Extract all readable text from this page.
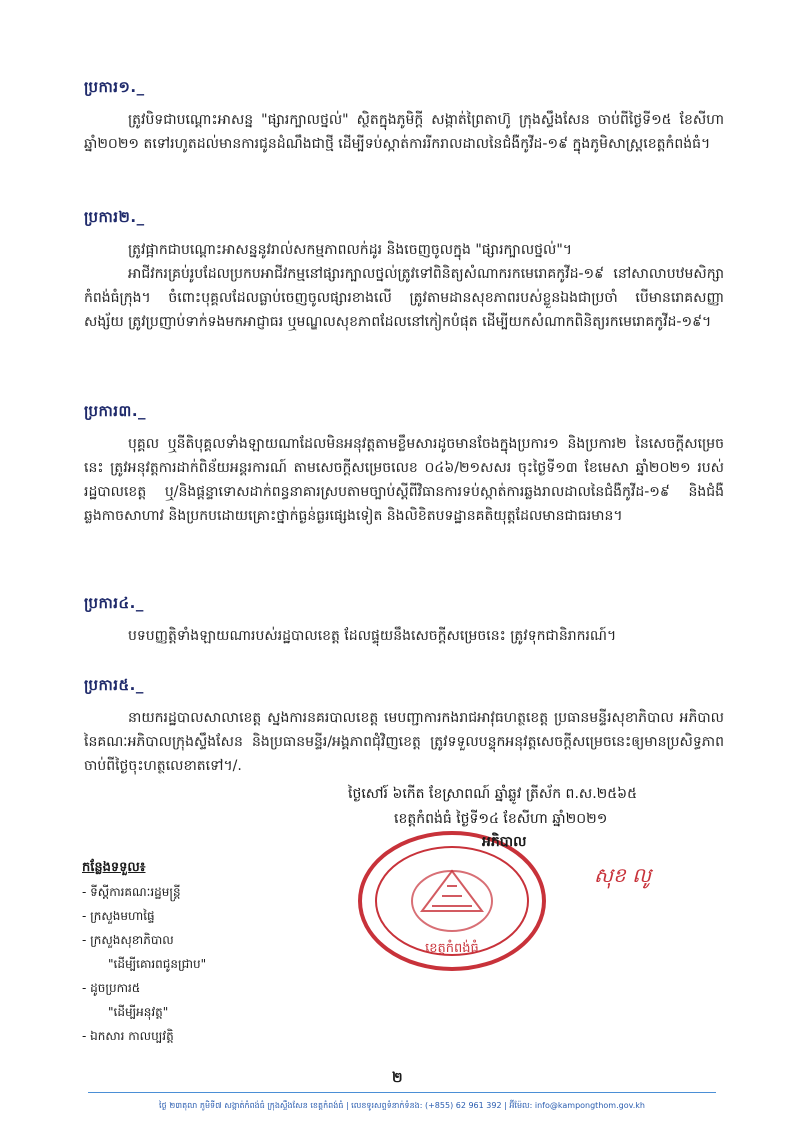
ប្រការ១._

ត្រូវបិទជាបណ្ដោះអាសន្ន "ផ្សារក្បាលថ្នល់" ស្ថិតក្នុងភូមិក្តី សង្កាត់ព្រៃតាហ៊ូ ក្រុងស្ទឹងសែន ចាប់ពីថ្ងៃទី១៥ ខែសីហា ឆ្នាំ២០២១ តទៅរហូតដល់មានការជូនដំណឹងជាថ្មី ដើម្បីទប់ស្កាត់ការរីករាលដាលនៃជំងឺកូវីដ-១៩ ក្នុងភូមិសាស្ត្រខេត្តកំពង់ធំ។

ប្រការ២._

ត្រូវផ្អាកជាបណ្ដោះអាសន្ននូវរាល់សកម្មភាពលក់ដូរ និងចេញចូលក្នុង "ផ្សារក្បាលថ្នល់"។

អាជីវករគ្រប់រូបដែលប្រកបអាជីវកម្មនៅផ្សារក្បាលថ្នល់ត្រូវទៅពិនិត្យសំណាករកមេរោគកូវីដ-១៩ នៅសាលាបឋមសិក្សាកំពង់ធំក្រុង។ ចំពោះបុគ្គលដែលធ្លាប់ចេញចូលផ្សារខាងលើ ត្រូវតាមដានសុខភាពរបស់ខ្លួនឯងជាប្រចាំ បើមានរោគសញ្ញាសង្ស័យ ត្រូវប្រញាប់ទាក់ទងមកអាជ្ញាធរ ឬមណ្ឌលសុខភាពដែលនៅកៀកបំផុត ដើម្បីយកសំណាកពិនិត្យរកមេរោគកូវីដ-១៩។

ប្រការ៣._

បុគ្គល ឬនីតិបុគ្គលទាំងឡាយណាដែលមិនអនុវត្តតាមខ្លឹមសារដូចមានចែងក្នុងប្រការ១ និងប្រការ២ នៃសេចក្តីសម្រេចនេះ ត្រូវអនុវត្តការដាក់ពិន័យអន្តរការណ៍ តាមសេចក្តីសម្រេចលេខ ០៤៦/២១សសរ ចុះថ្ងៃទី១៣ ខែមេសា ឆ្នាំ២០២១ របស់រដ្ឋបាលខេត្ត ឬ/និងផ្តន្ទាទោសដាក់ពន្ធនាគារស្របតាមច្បាប់ស្តីពីវិធានការទប់ស្កាត់ការឆ្លងរាលដាលនៃជំងឺកូវីដ-១៩ និងជំងឺឆ្លងកាចសាហាវ និងប្រកបដោយគ្រោះថ្នាក់ធ្ងន់ធ្ងរផ្សេងទៀត និងលិខិតបទដ្ឋានគតិយុត្តដែលមានជាធរមាន។

ប្រការ៤._

បទបញ្ញត្តិទាំងឡាយណារបស់រដ្ឋបាលខេត្ត ដែលផ្ទុយនឹងសេចក្តីសម្រេចនេះ ត្រូវទុកជានិរាករណ៍។

ប្រការ៥._

នាយករដ្ឋបាលសាលាខេត្ត ស្នងការនគរបាលខេត្ត មេបញ្ជាការកងរាជអាវុធហត្ថខេត្ត ប្រធានមន្ទីរសុខាភិបាល អភិបាល នៃគណៈអភិបាលក្រុងស្ទឹងសែន និងប្រធានមន្ទីរ/អង្គភាពជុំវិញខេត្ត ត្រូវទទួលបន្ទុកអនុវត្តសេចក្តីសម្រេចនេះឲ្យមានប្រសិទ្ធភាពចាប់ពីថ្ងៃចុះហត្ថលេខាតទៅ។/.

ថ្ងៃសៅរ៍ ៦កើត ខែស្រាពណ៍ ឆ្នាំឆ្លូវ ត្រីស័ក ព.ស.២៥៦៥
ខេត្តកំពង់ធំ ថ្ងៃទី១៤ ខែសីហា ឆ្នាំ២០២១
ខេត្តកំពង់ធំ
អភិបាល
សុខ លូ
កន្លែងទទួល៖
- ទីស្តីការគណៈរដ្ឋមន្ត្រី
- ក្រសួងមហាផ្ទៃ
- ក្រសួងសុខាភិបាល
"ដើម្បីគោរពជូនជ្រាប"
- ដូចប្រការ៥
"ដើម្បីអនុវត្ត"
- ឯកសារ កាលប្បវត្តិ
២
ថ្ងៃ ២៣តុលា ភូមិទី៧ សង្កាត់កំពង់ធំ ក្រុងស្ទឹងសែន ខេត្តកំពង់ធំ | លេខទូរសព្ទទំនាក់ទំនង: (+855) 62 961 392 | អ៊ីម៉ែល: info@kampongthom.gov.kh
